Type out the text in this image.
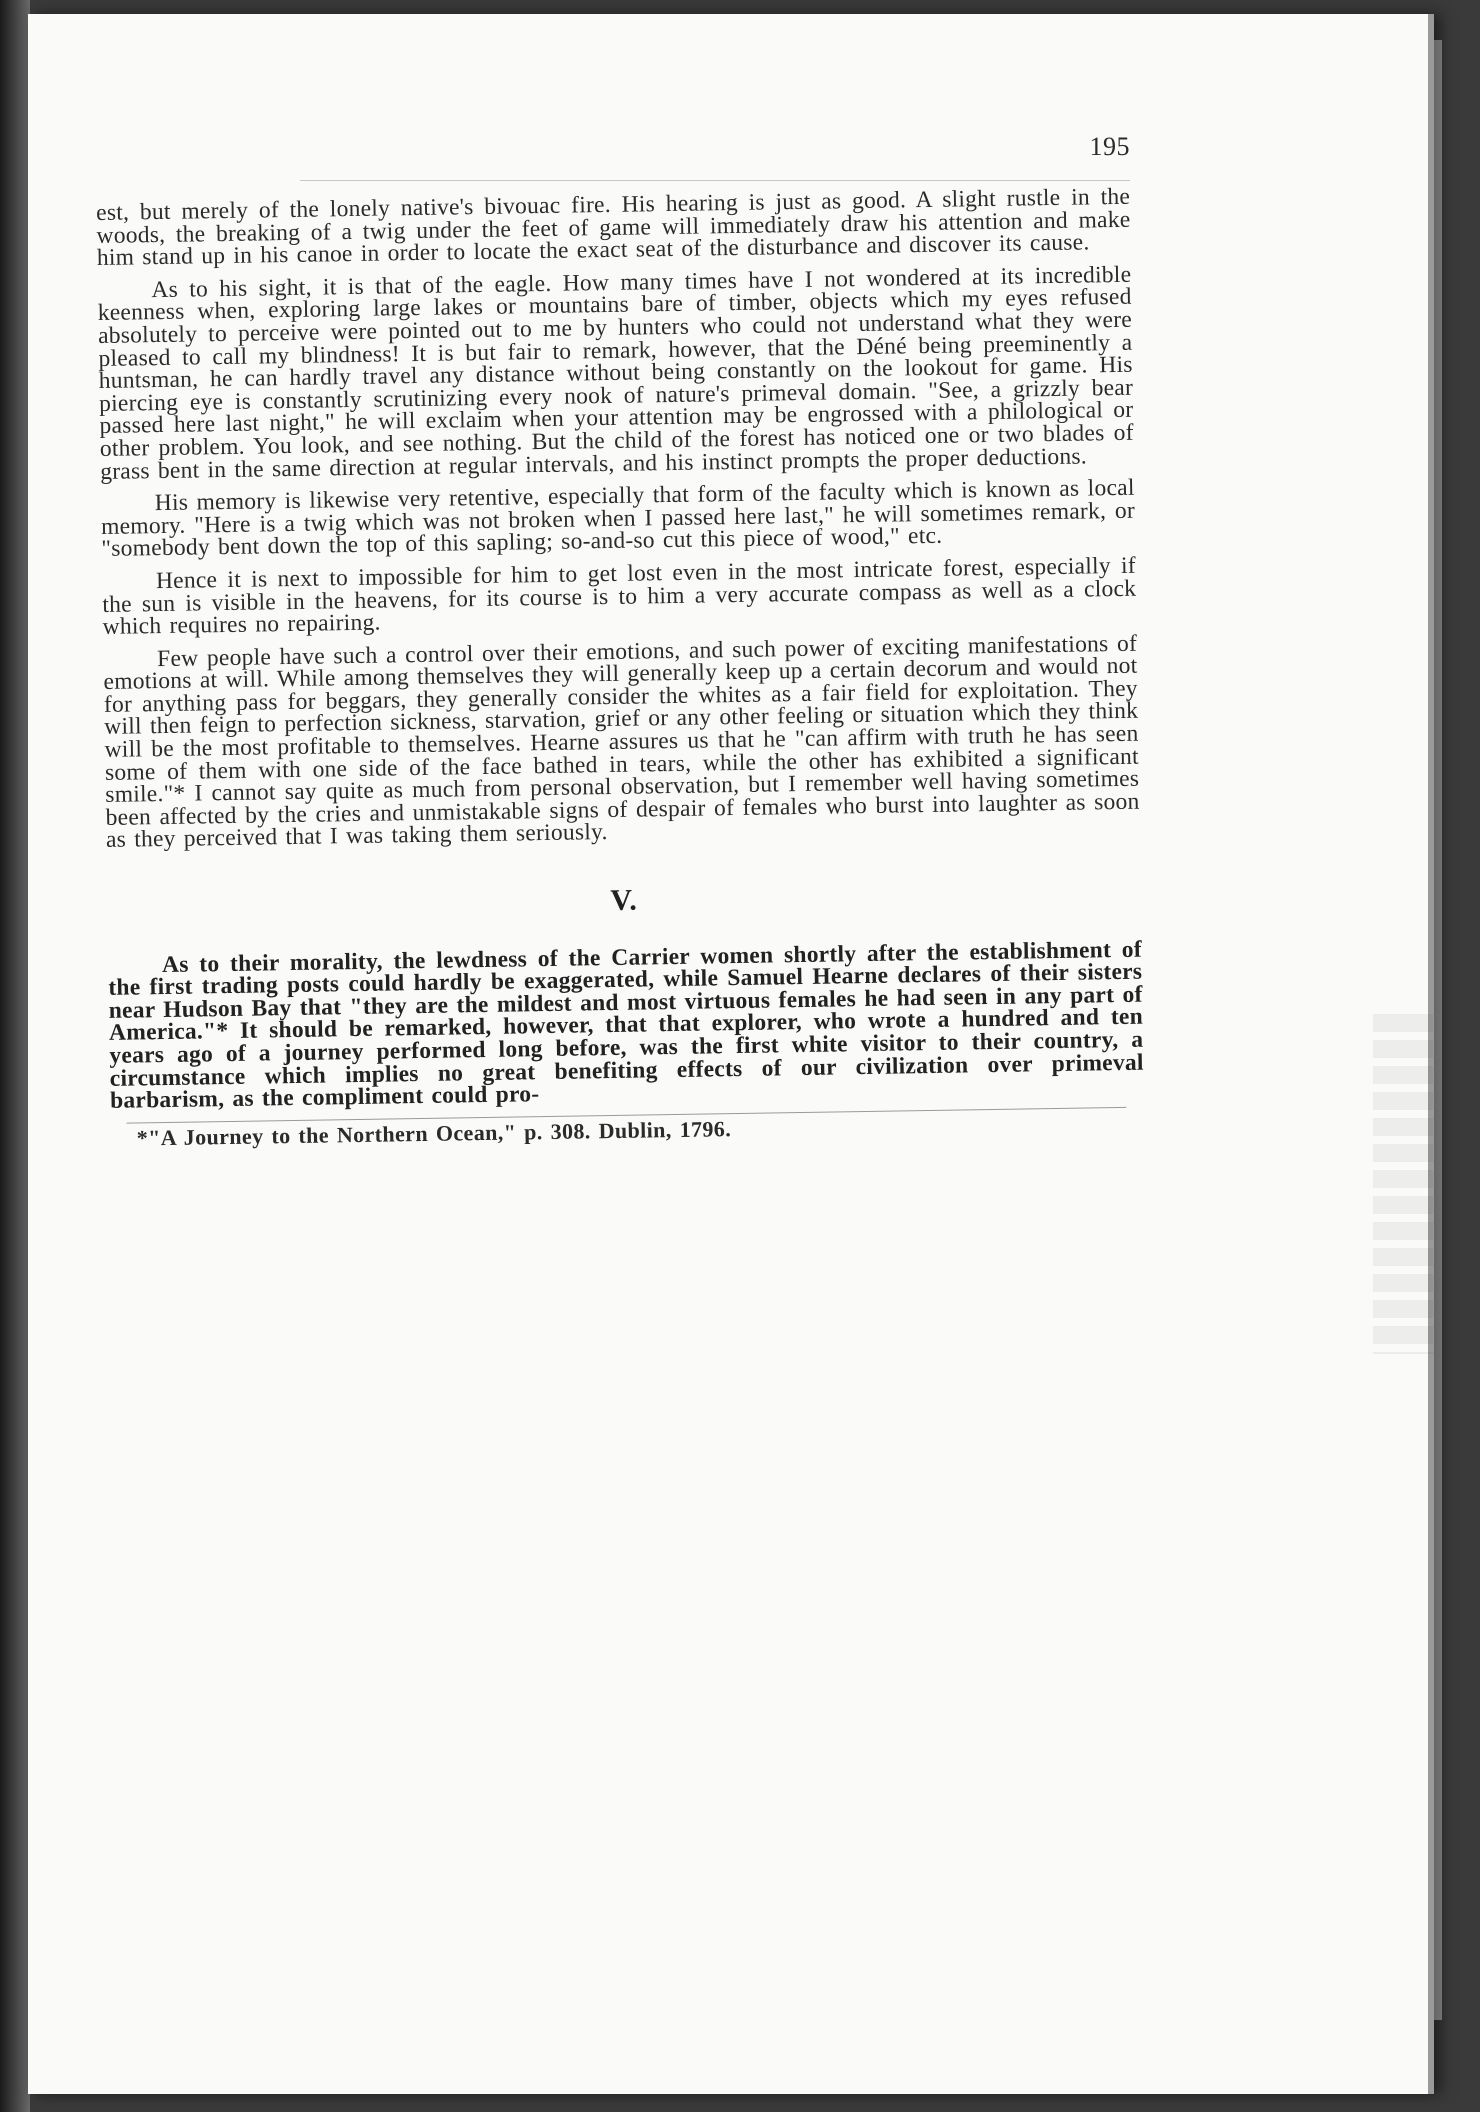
195

est, but merely of the lonely native's bivouac fire. His hearing is just as good. A slight rustle in the woods, the breaking of a twig under the feet of game will immediately draw his attention and make him stand up in his canoe in order to locate the exact seat of the disturbance and discover its cause.

As to his sight, it is that of the eagle. How many times have I not wondered at its incredible keenness when, exploring large lakes or mountains bare of timber, objects which my eyes refused absolutely to perceive were pointed out to me by hunters who could not understand what they were pleased to call my blindness! It is but fair to remark, however, that the Déné being preeminently a huntsman, he can hardly travel any distance without being constantly on the lookout for game. His piercing eye is constantly scrutinizing every nook of nature's primeval domain. "See, a grizzly bear passed here last night," he will exclaim when your attention may be engrossed with a philological or other problem. You look, and see nothing. But the child of the forest has noticed one or two blades of grass bent in the same direction at regular intervals, and his instinct prompts the proper deductions.

His memory is likewise very retentive, especially that form of the faculty which is known as local memory. "Here is a twig which was not broken when I passed here last," he will sometimes remark, or "somebody bent down the top of this sapling; so-and-so cut this piece of wood," etc.

Hence it is next to impossible for him to get lost even in the most intricate forest, especially if the sun is visible in the heavens, for its course is to him a very accurate compass as well as a clock which requires no repairing.

Few people have such a control over their emotions, and such power of exciting manifestations of emotions at will. While among themselves they will generally keep up a certain decorum and would not for anything pass for beggars, they generally consider the whites as a fair field for exploitation. They will then feign to perfection sickness, starvation, grief or any other feeling or situation which they think will be the most profitable to themselves. Hearne assures us that he "can affirm with truth he has seen some of them with one side of the face bathed in tears, while the other has exhibited a significant smile."* I cannot say quite as much from personal observation, but I remember well having sometimes been affected by the cries and unmistakable signs of despair of females who burst into laughter as soon as they perceived that I was taking them seriously.

V.

As to their morality, the lewdness of the Carrier women shortly after the establishment of the first trading posts could hardly be exaggerated, while Samuel Hearne declares of their sisters near Hudson Bay that "they are the mildest and most virtuous females he had seen in any part of America."* It should be remarked, however, that that explorer, who wrote a hundred and ten years ago of a journey performed long before, was the first white visitor to their country, a circumstance which implies no great benefiting effects of our civilization over primeval barbarism, as the compliment could pro-

*"A Journey to the Northern Ocean," p. 308. Dublin, 1796.
